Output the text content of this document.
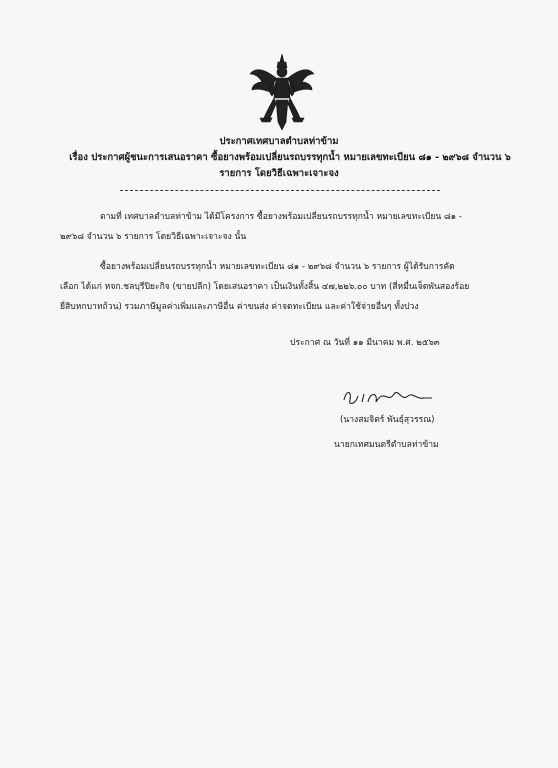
ประกาศเทศบาลตำบลท่าข้าม
เรื่อง ประกาศผู้ชนะการเสนอราคา ซื้อยางพร้อมเปลี่ยนรถบรรทุกน้ำ หมายเลขทะเบียน ๘๑ - ๒๙๖๘ จำนวน ๖
รายการ โดยวิธีเฉพาะเจาะจง
ตามที่ เทศบาลตำบลท่าข้าม ได้มีโครงการ ซื้อยางพร้อมเปลี่ยนรถบรรทุกน้ำ หมายเลขทะเบียน ๘๑ -
๒๙๖๘ จำนวน ๖ รายการ โดยวิธีเฉพาะเจาะจง นั้น
ซื้อยางพร้อมเปลี่ยนรถบรรทุกน้ำ หมายเลขทะเบียน ๘๑ - ๒๙๖๘ จำนวน ๖ รายการ ผู้ได้รับการคัด
เลือก ได้แก่ หจก.ชลบุรีปิยะกิจ (ขายปลีก) โดยเสนอราคา เป็นเงินทั้งสิ้น ๔๗,๒๒๖.๐๐ บาท (สี่หมื่นเจ็ดพันสองร้อย
ยี่สิบหกบาทถ้วน) รวมภาษีมูลค่าเพิ่มและภาษีอื่น ค่าขนส่ง ค่าจดทะเบียน และค่าใช้จ่ายอื่นๆ ทั้งปวง
ประกาศ ณ วันที่ ๑๑ มีนาคม พ.ศ. ๒๕๖๓
(นางสมจิตร์ พันธุ์สุวรรณ)
นายกเทศมนตรีตำบลท่าข้าม
